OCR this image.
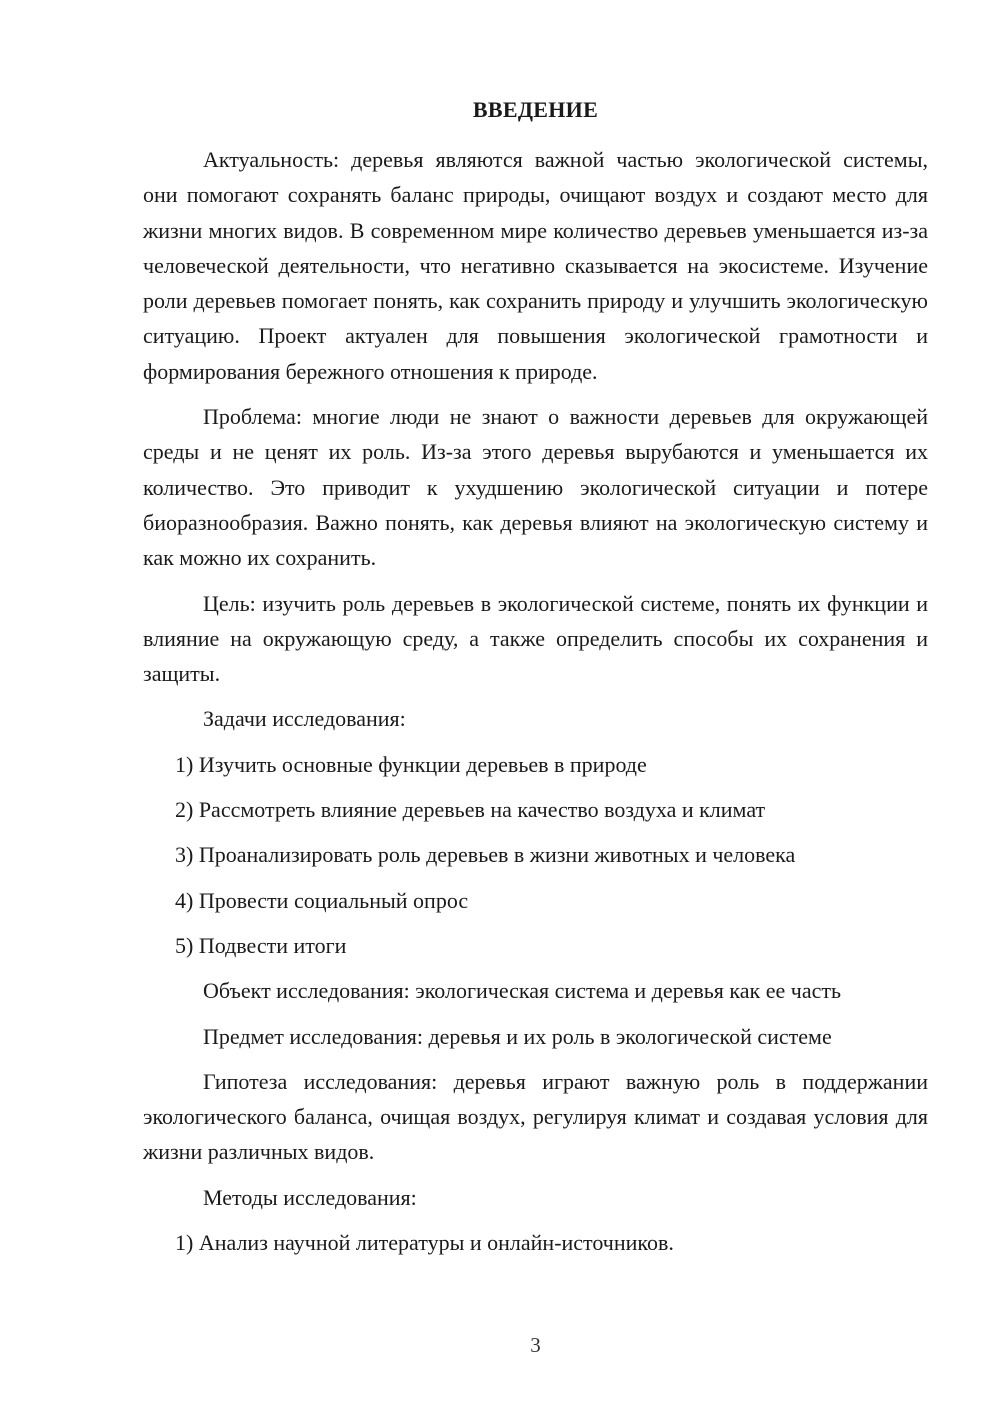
ВВЕДЕНИЕ

Актуальность: деревья являются важной частью экологической системы, они помогают сохранять баланс природы, очищают воздух и создают место для жизни многих видов. В современном мире количество деревьев уменьшается из-за человеческой деятельности, что негативно сказывается на экосистеме. Изучение роли деревьев помогает понять, как сохранить природу и улучшить экологическую ситуацию. Проект актуален для повышения экологической грамотности и формирования бережного отношения к природе.

Проблема: многие люди не знают о важности деревьев для окружающей среды и не ценят их роль. Из-за этого деревья вырубаются и уменьшается их количество. Это приводит к ухудшению экологической ситуации и потере биоразнообразия. Важно понять, как деревья влияют на экологическую систему и как можно их сохранить.

Цель: изучить роль деревьев в экологической системе, понять их функции и влияние на окружающую среду, а также определить способы их сохранения и защиты.

Задачи исследования:

1) Изучить основные функции деревьев в природе

2) Рассмотреть влияние деревьев на качество воздуха и климат

3) Проанализировать роль деревьев в жизни животных и человека

4) Провести социальный опрос

5) Подвести итоги

Объект исследования: экологическая система и деревья как ее часть

Предмет исследования: деревья и их роль в экологической системе

Гипотеза исследования: деревья играют важную роль в поддержании экологического баланса, очищая воздух, регулируя климат и создавая условия для жизни различных видов.

Методы исследования:

1) Анализ научной литературы и онлайн-источников.

3
